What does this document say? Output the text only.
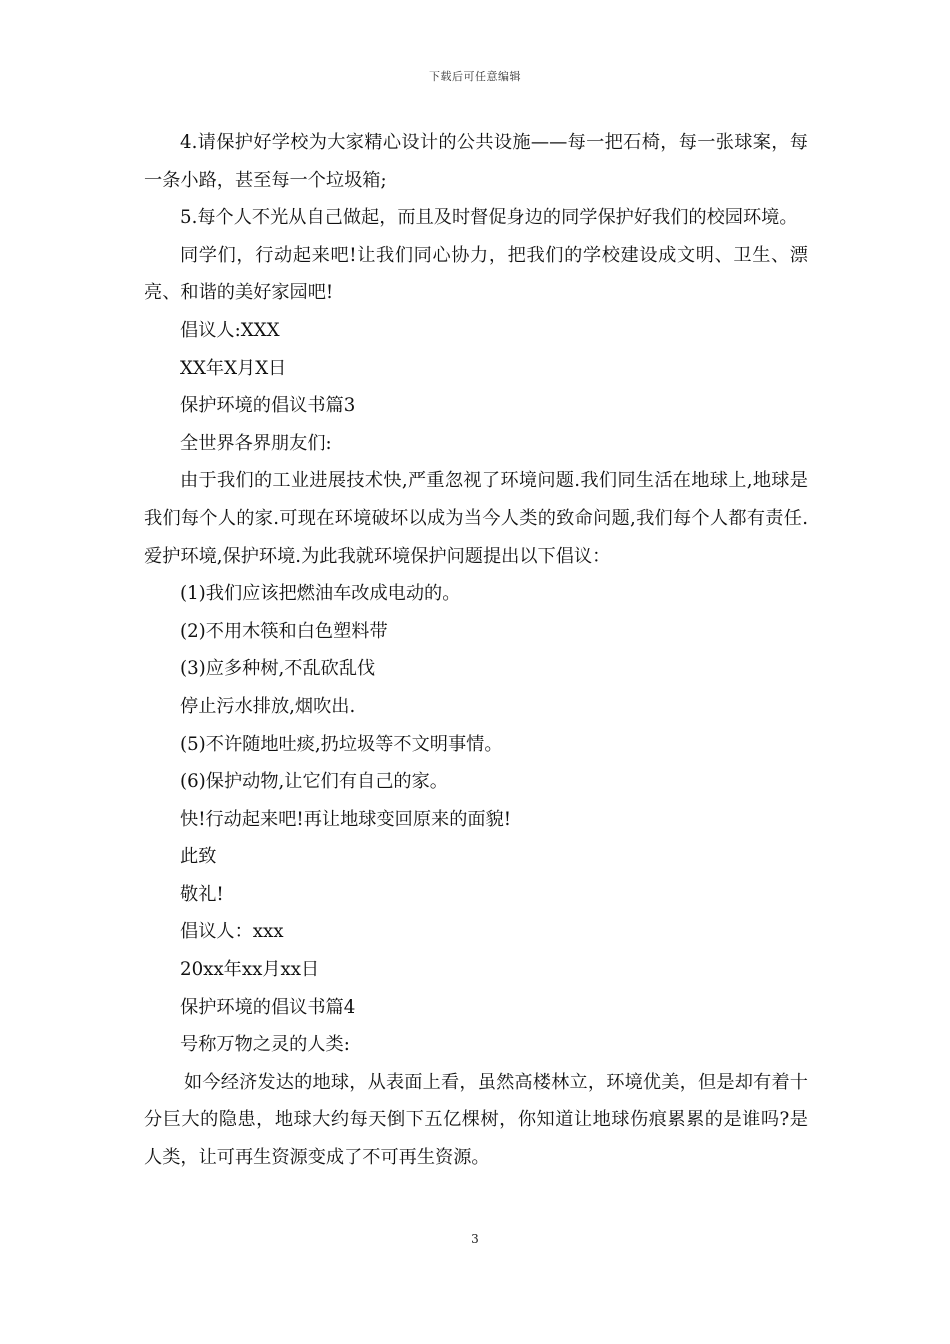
下载后可任意编辑

4.请保护好学校为大家精心设计的公共设施——每一把石椅，每一张球案，每一条小路，甚至每一个垃圾箱;

5.每个人不光从自己做起，而且及时督促身边的同学保护好我们的校园环境。

同学们，行动起来吧!让我们同心协力，把我们的学校建设成文明、卫生、漂亮、和谐的美好家园吧!

倡议人:XXX

XX年X月X日

保护环境的倡议书篇3

全世界各界朋友们:

由于我们的工业进展技术快,严重忽视了环境问题.我们同生活在地球上,地球是我们每个人的家.可现在环境破坏以成为当今人类的致命问题,我们每个人都有责任.爱护环境,保护环境.为此我就环境保护问题提出以下倡议：

(1)我们应该把燃油车改成电动的。

(2)不用木筷和白色塑料带

(3)应多种树,不乱砍乱伐

停止污水排放,烟吹出.

(5)不许随地吐痰,扔垃圾等不文明事情。

(6)保护动物,让它们有自己的家。

快!行动起来吧!再让地球变回原来的面貌!

此致

敬礼!

倡议人：xxx

20xx年xx月xx日

保护环境的倡议书篇4

号称万物之灵的人类:

如今经济发达的地球，从表面上看，虽然高楼林立，环境优美，但是却有着十分巨大的隐患，地球大约每天倒下五亿棵树，你知道让地球伤痕累累的是谁吗?是人类，让可再生资源变成了不可再生资源。

3
